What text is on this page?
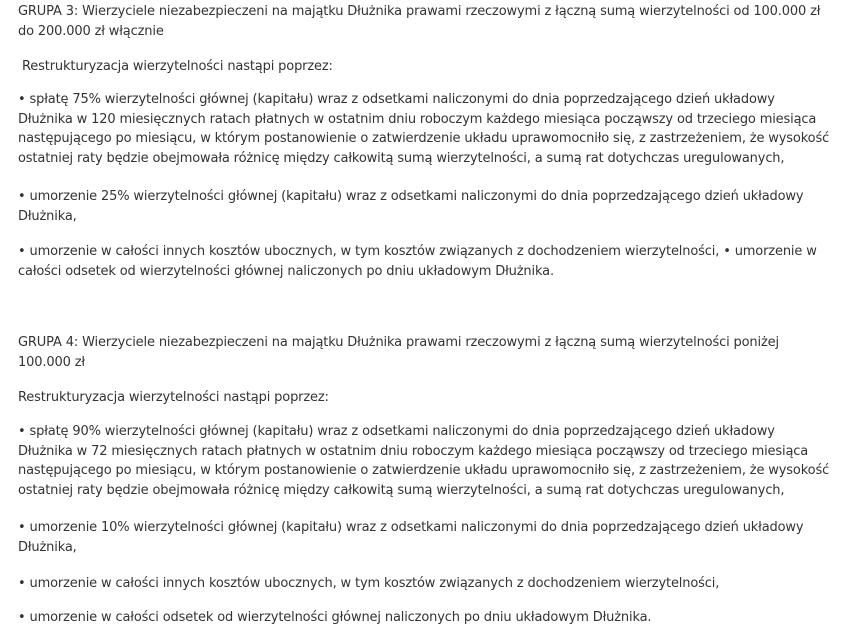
GRUPA 3: Wierzyciele niezabezpieczeni na majątku Dłużnika prawami rzeczowymi z łączną sumą wierzytelności od 100.000 zł do 200.000 zł włącznie

Restrukturyzacja wierzytelności nastąpi poprzez:

• spłatę 75% wierzytelności głównej (kapitału) wraz z odsetkami naliczonymi do dnia poprzedzającego dzień układowy Dłużnika w 120 miesięcznych ratach płatnych w ostatnim dniu roboczym każdego miesiąca począwszy od trzeciego miesiąca następującego po miesiącu, w którym postanowienie o zatwierdzenie układu uprawomocniło się, z zastrzeżeniem, że wysokość ostatniej raty będzie obejmowała różnicę między całkowitą sumą wierzytelności, a sumą rat dotychczas uregulowanych,

• umorzenie 25% wierzytelności głównej (kapitału) wraz z odsetkami naliczonymi do dnia poprzedzającego dzień układowy Dłużnika,

• umorzenie w całości innych kosztów ubocznych, w tym kosztów związanych z dochodzeniem wierzytelności, • umorzenie w całości odsetek od wierzytelności głównej naliczonych po dniu układowym Dłużnika.

GRUPA 4: Wierzyciele niezabezpieczeni na majątku Dłużnika prawami rzeczowymi z łączną sumą wierzytelności poniżej 100.000 zł

Restrukturyzacja wierzytelności nastąpi poprzez:

• spłatę 90% wierzytelności głównej (kapitału) wraz z odsetkami naliczonymi do dnia poprzedzającego dzień układowy Dłużnika w 72 miesięcznych ratach płatnych w ostatnim dniu roboczym każdego miesiąca począwszy od trzeciego miesiąca następującego po miesiącu, w którym postanowienie o zatwierdzenie układu uprawomocniło się, z zastrzeżeniem, że wysokość ostatniej raty będzie obejmowała różnicę między całkowitą sumą wierzytelności, a sumą rat dotychczas uregulowanych,

• umorzenie 10% wierzytelności głównej (kapitału) wraz z odsetkami naliczonymi do dnia poprzedzającego dzień układowy Dłużnika,

• umorzenie w całości innych kosztów ubocznych, w tym kosztów związanych z dochodzeniem wierzytelności,

• umorzenie w całości odsetek od wierzytelności głównej naliczonych po dniu układowym Dłużnika.
